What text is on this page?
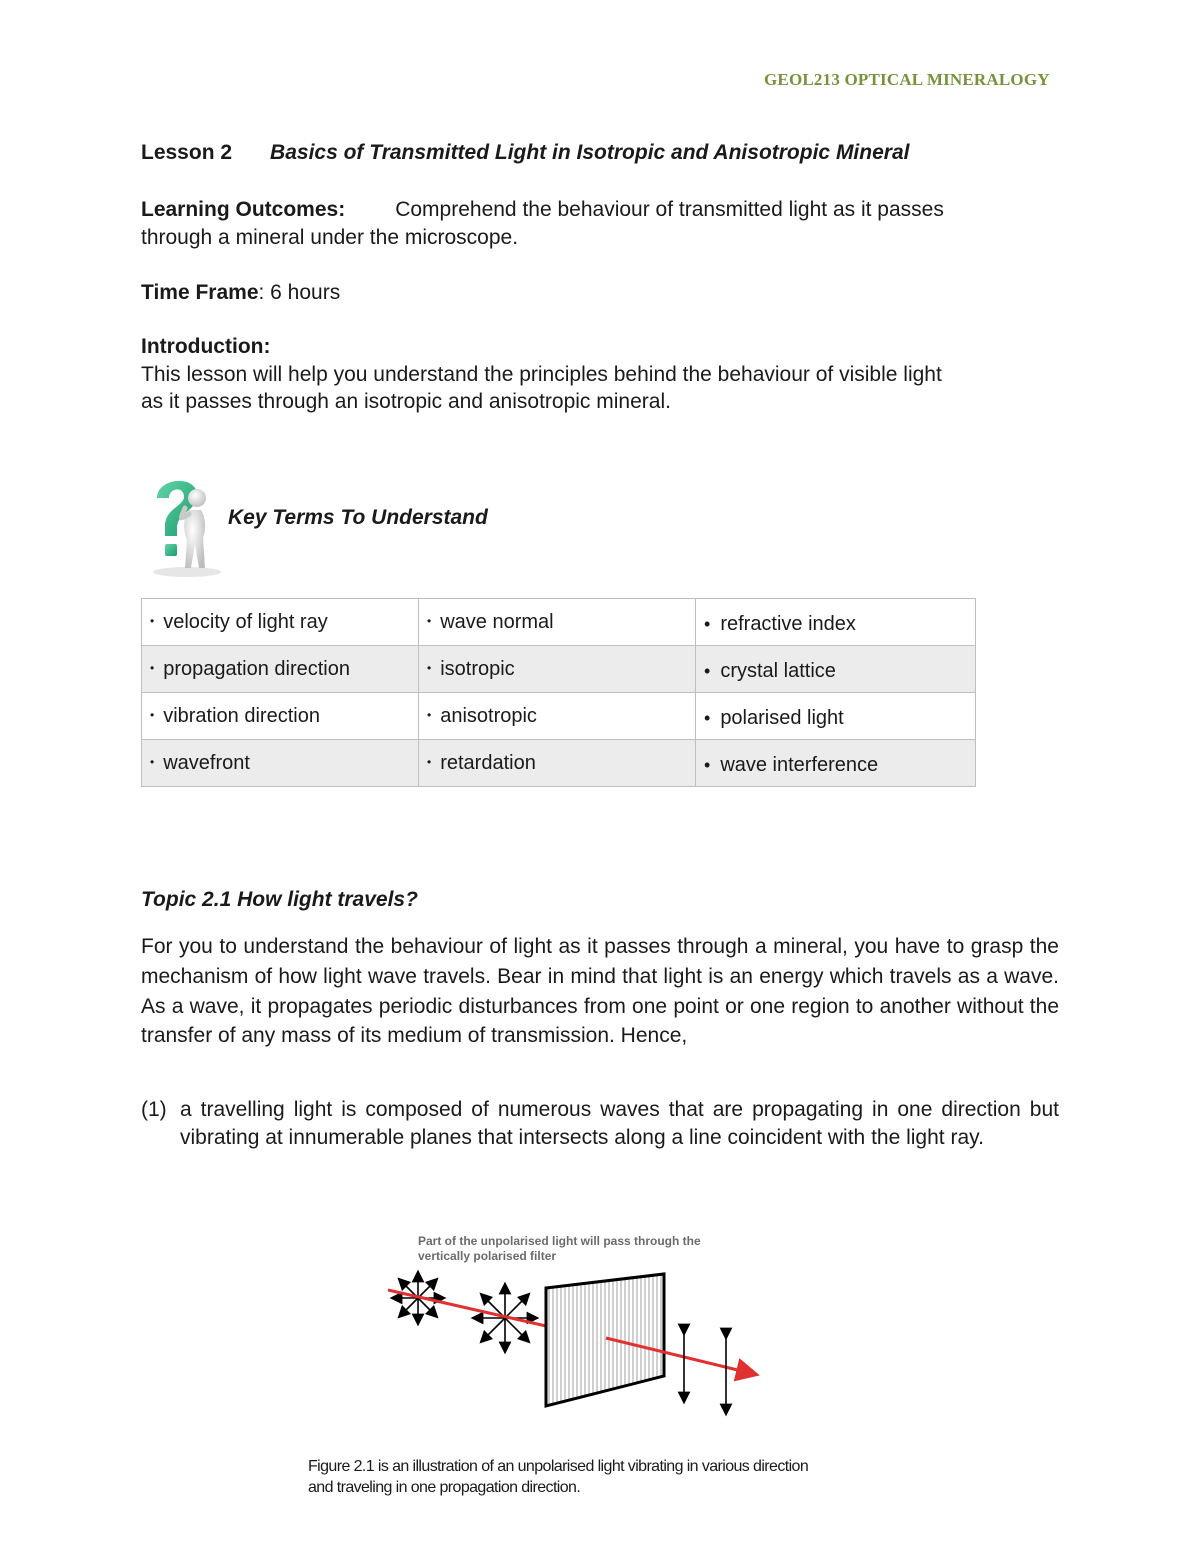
GEOL213 OPTICAL MINERALOGY
Lesson 2 Basics of Transmitted Light in Isotropic and Anisotropic Mineral
Learning Outcomes: Comprehend the behaviour of transmitted light as it passes
through a mineral under the microscope.
Time Frame: 6 hours
Introduction:
This lesson will help you understand the principles behind the behaviour of visible light
as it passes through an isotropic and anisotropic mineral.
Key Terms To Understand
• velocity of light ray	• wave normal	• refractive index
• propagation direction	• isotropic	• crystal lattice
• vibration direction	• anisotropic	• polarised light
• wavefront	• retardation	• wave interference
Topic 2.1 How light travels?
For you to understand the behaviour of light as it passes through a mineral, you have to grasp the mechanism of how light wave travels. Bear in mind that light is an energy which travels as a wave. As a wave, it propagates periodic disturbances from one point or one region to another without the transfer of any mass of its medium of transmission. Hence,
(1) a travelling light is composed of numerous waves that are propagating in one direction but vibrating at innumerable planes that intersects along a line coincident with the light ray.
Part of the unpolarised light will pass through the
vertically polarised filter
Figure 2.1 is an illustration of an unpolarised light vibrating in various direction
and traveling in one propagation direction.
